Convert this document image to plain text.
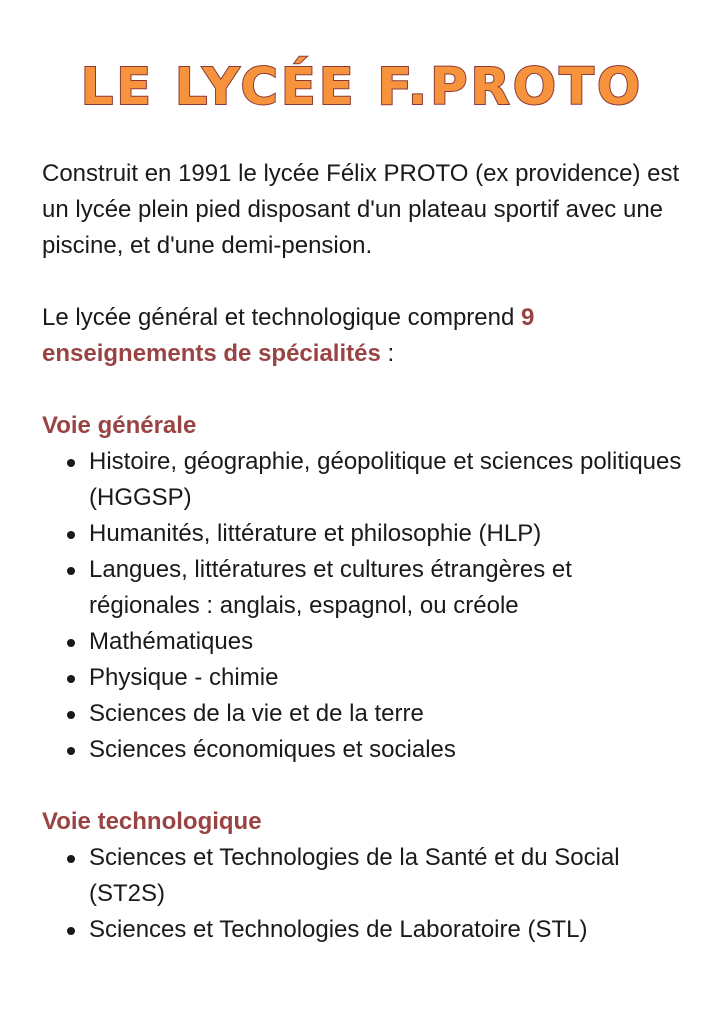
LE LYCÉE F.PROTO

Construit en 1991 le lycée Félix PROTO (ex providence) est un lycée plein pied disposant d'un plateau sportif avec une piscine, et d'une demi-pension.

Le lycée général et technologique comprend 9 enseignements de spécialités :

Voie générale
Histoire, géographie, géopolitique et sciences politiques (HGGSP)
Humanités, littérature et philosophie (HLP)
Langues, littératures et cultures étrangères et régionales : anglais, espagnol, ou créole
Mathématiques
Physique - chimie
Sciences de la vie et de la terre
Sciences économiques et sociales
Voie technologique
Sciences et Technologies de la Santé et du Social (ST2S)
Sciences et Technologies de Laboratoire (STL)
